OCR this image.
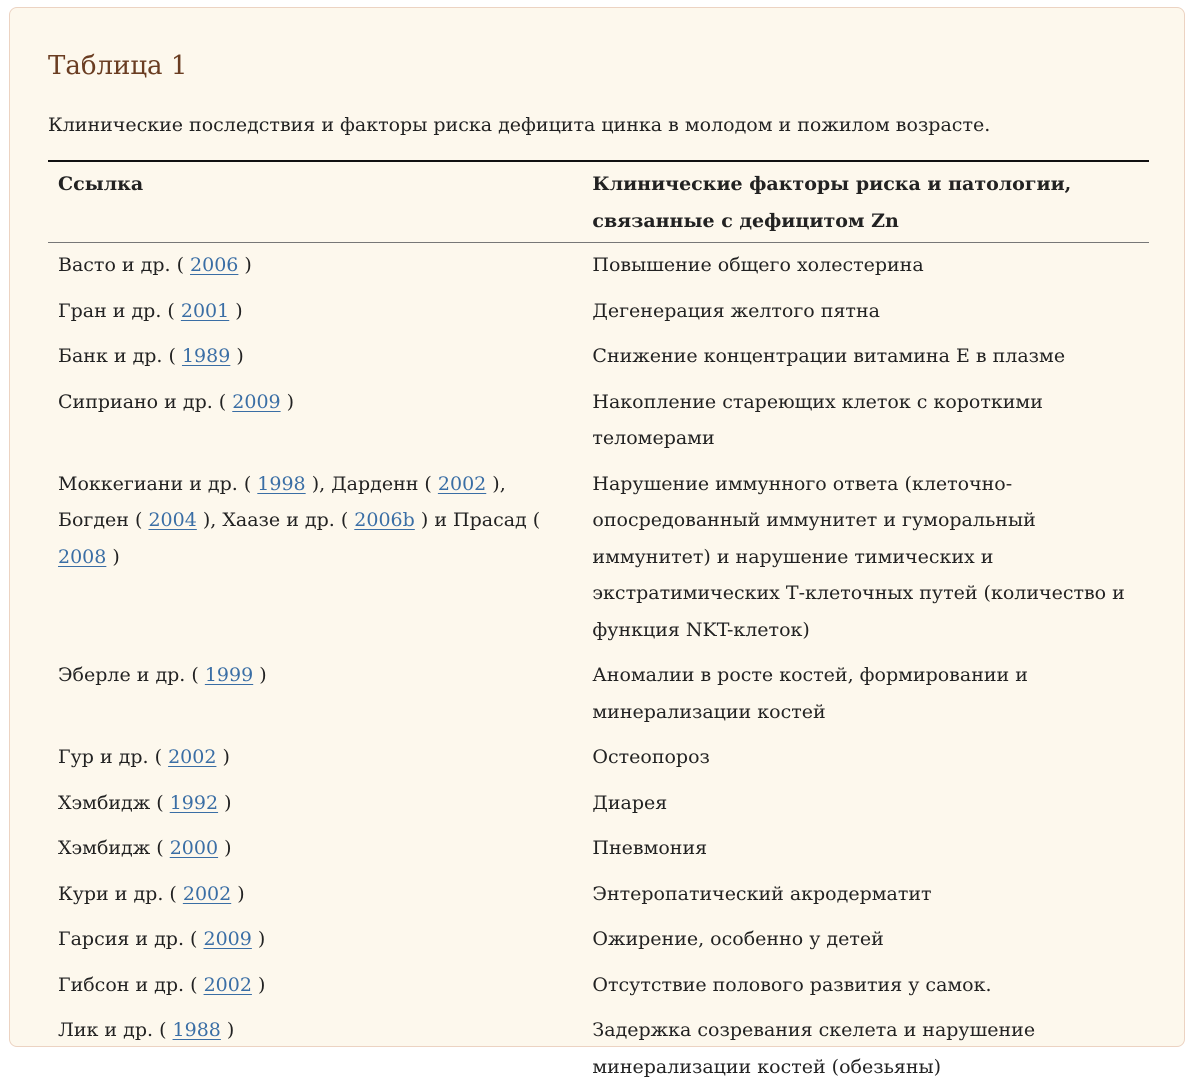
Таблица 1

Клинические последствия и факторы риска дефицита цинка в молодом и пожилом возрасте.

Ссылка	Клинические факторы риска и патологии, связанные с дефицитом Zn
Васто и др. ( 2006 )	Повышение общего холестерина
Гран и др. ( 2001 )	Дегенерация желтого пятна
Банк и др. ( 1989 )	Снижение концентрации витамина Е в плазме
Сиприано и др. ( 2009 )	Накопление стареющих клеток с короткими теломерами
Моккегиани и др. ( 1998 ), Дарденн ( 2002 ), Богден ( 2004 ), Хаазе и др. ( 2006b ) и Прасад ( 2008 )	Нарушение иммунного ответа (клеточно-опосредованный иммунитет и гуморальный иммунитет) и нарушение тимических и экстратимических Т-клеточных путей (количество и функция NKT-клеток)
Эберле и др. ( 1999 )	Аномалии в росте костей, формировании и минерализации костей
Гур и др. ( 2002 )	Остеопороз
Хэмбидж ( 1992 )	Диарея
Хэмбидж ( 2000 )	Пневмония
Кури и др. ( 2002 )	Энтеропатический акродерматит
Гарсия и др. ( 2009 )	Ожирение, особенно у детей
Гибсон и др. ( 2002 )	Отсутствие полового развития у самок.
Лик и др. ( 1988 )	Задержка созревания скелета и нарушение минерализации костей (обезьяны)
